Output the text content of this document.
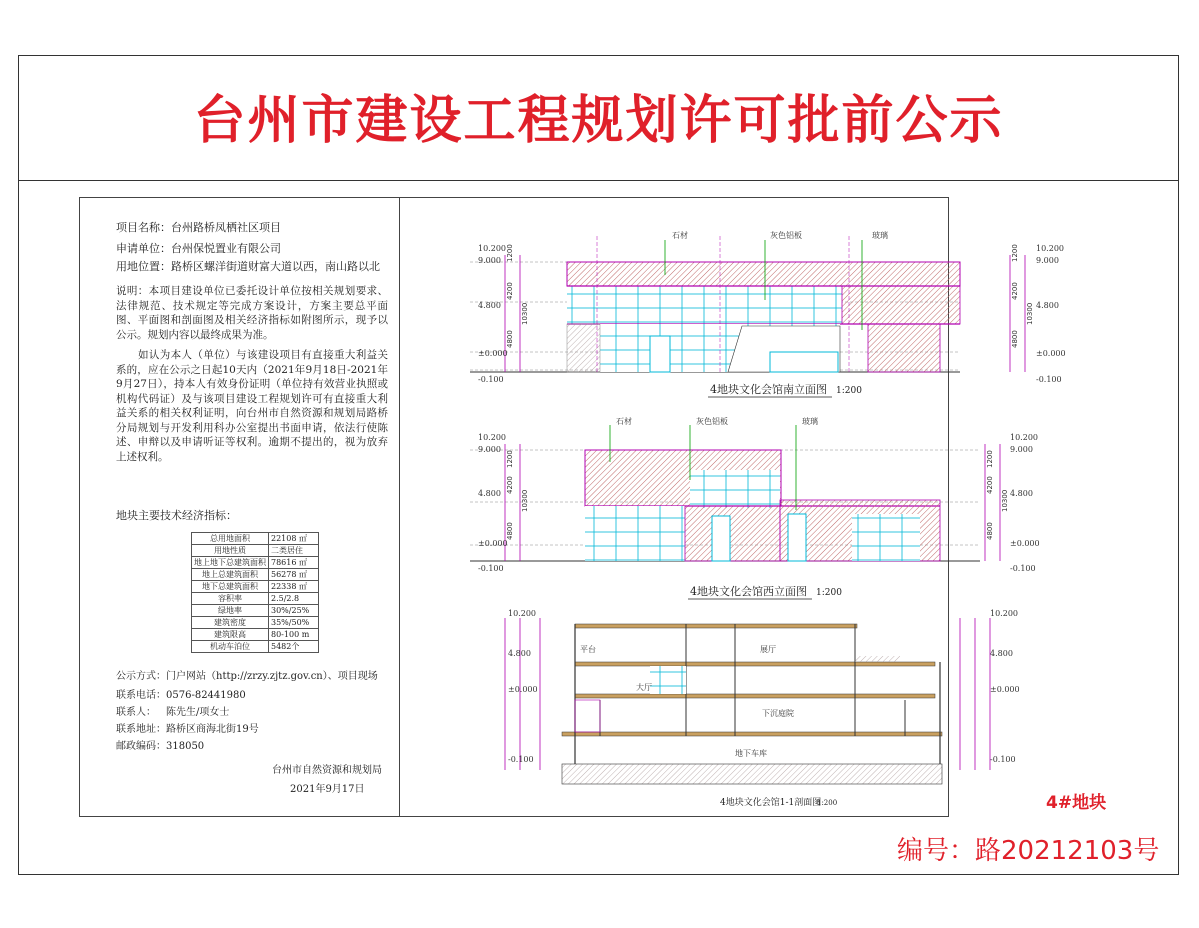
台州市建设工程规划许可批前公示
项目名称：台州路桥凤栖社区项目
申请单位：台州保悦置业有限公司
用地位置：路桥区螺洋街道财富大道以西，南山路以北

说明：本项目建设单位已委托设计单位按相关规划要求、法律规范、技术规定等完成方案设计，方案主要总平面图、平面图和剖面图及相关经济指标如附图所示，现予以公示。规划内容以最终成果为准。

如认为本人（单位）与该建设项目有直接重大利益关系的，应在公示之日起10天内（2021年9月18日-2021年9月27日），持本人有效身份证明（单位持有效营业执照或机构代码证）及与该项目建设工程规划许可有直接重大利益关系的相关权利证明，向台州市自然资源和规划局路桥分局规划与开发利用科办公室提出书面申请，依法行使陈述、申辩以及申请听证等权利。逾期不提出的，视为放弃上述权利。

地块主要技术经济指标：
总用地面积	22108 ㎡
用地性质	二类居住
地上地下总建筑面积	78616 ㎡
地上总建筑面积	56278 ㎡
地下总建筑面积	22338 ㎡
容积率	2.5/2.8
绿地率	30%/25%
建筑密度	35%/50%
建筑限高	80-100 m
机动车泊位	5482个
公示方式：门户网站（http://zrzy.zjtz.gov.cn）、项目现场
联系电话： 0576-82441980
联系人： 陈先生/项女士
联系地址： 路桥区商海北街19号
邮政编码： 318050
台州市自然资源和规划局
2021年9月17日
石材	灰色铝板	玻璃
石材	灰色铝板	玻璃
展厅
平台
大厅
下沉庭院
地下车库
10.200
9.000
4.800
±0.000
-0.100
10.200
9.000
4.800
±0.000
-0.100
10.200
9.000
4.800
±0.000
-0.100
10.200
9.000
4.800
±0.000
-0.100
10.200
4.800
±0.000
-0.100
10.200
4.800
±0.000
-0.100
1200
4200
10300
4800
1200
4200
10300
4800
1200
4200
10300
4800
1200
4200
10300
4800
4地块文化会馆南立面图 1:200
4地块文化会馆西立面图 1:200
4地块文化会馆1-1剖面图
1:200	4#地块
编号：路20212103号
